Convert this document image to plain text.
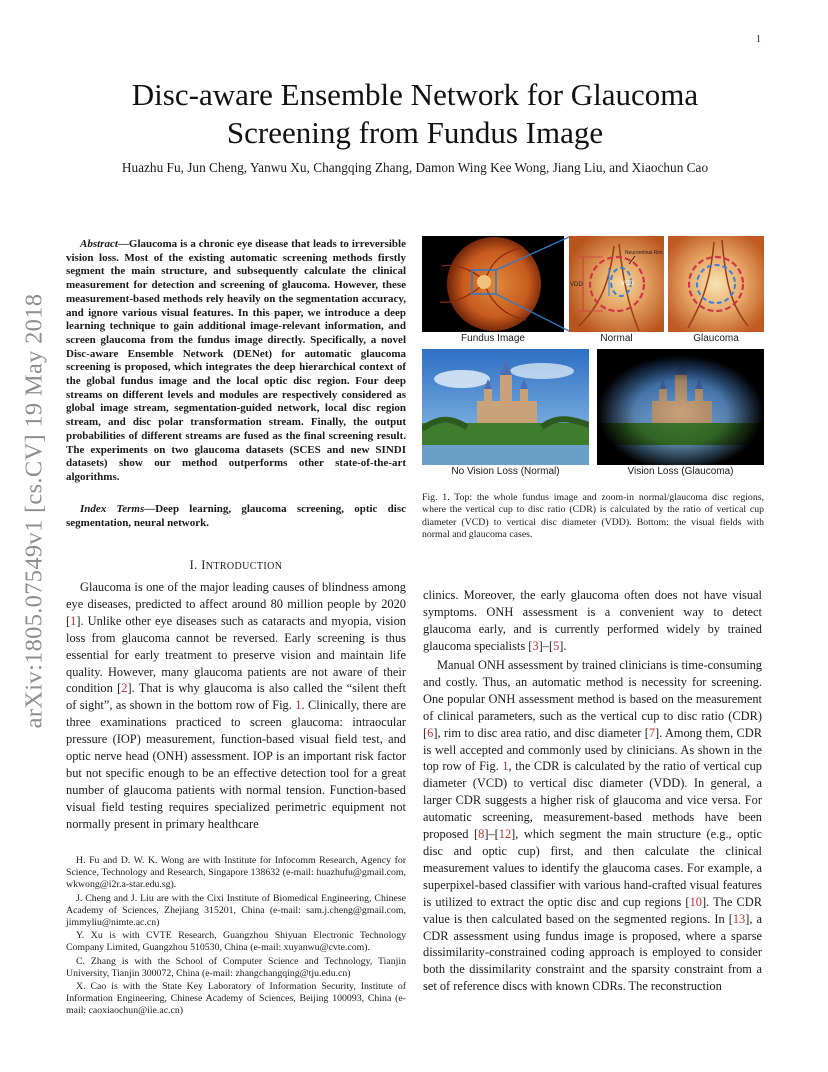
1
arXiv:1805.07549v1 [cs.CV] 19 May 2018
Disc-aware Ensemble Network for Glaucoma Screening from Fundus Image
Huazhu Fu, Jun Cheng, Yanwu Xu, Changqing Zhang, Damon Wing Kee Wong, Jiang Liu, and Xiaochun Cao
Abstract—Glaucoma is a chronic eye disease that leads to irreversible vision loss. Most of the existing automatic screening methods firstly segment the main structure, and subsequently calculate the clinical measurement for detection and screening of glaucoma. However, these measurement-based methods rely heavily on the segmentation accuracy, and ignore various visual features. In this paper, we introduce a deep learning technique to gain additional image-relevant information, and screen glaucoma from the fundus image directly. Specifically, a novel Disc-aware Ensemble Network (DENet) for automatic glaucoma screening is proposed, which integrates the deep hierarchical context of the global fundus image and the local optic disc region. Four deep streams on different levels and modules are respectively considered as global image stream, segmentation-guided network, local disc region stream, and disc polar transformation stream. Finally, the output probabilities of different streams are fused as the final screening result. The experiments on two glaucoma datasets (SCES and new SINDI datasets) show our method outperforms other state-of-the-art algorithms.
Index Terms—Deep learning, glaucoma screening, optic disc segmentation, neural network.
I. INTRODUCTION

Glaucoma is one of the major leading causes of blindness among eye diseases, predicted to affect around 80 million people by 2020 [1]. Unlike other eye diseases such as cataracts and myopia, vision loss from glaucoma cannot be reversed. Early screening is thus essential for early treatment to preserve vision and maintain life quality. However, many glaucoma patients are not aware of their condition [2]. That is why glaucoma is also called the “silent theft of sight”, as shown in the bottom row of Fig. 1. Clinically, there are three examinations practiced to screen glaucoma: intraocular pressure (IOP) measurement, function-based visual field test, and optic nerve head (ONH) assessment. IOP is an important risk factor but not specific enough to be an effective detection tool for a great number of glaucoma patients with normal tension. Function-based visual field testing requires specialized perimetric equipment not normally present in primary healthcare

H. Fu and D. W. K. Wong are with Institute for Infocomm Research, Agency for Science, Technology and Research, Singapore 138632 (e-mail: huazhufu@gmail.com, wkwong@i2r.a-star.edu.sg).

J. Cheng and J. Liu are with the Cixi Institute of Biomedical Engineering, Chinese Academy of Sciences, Zhejiang 315201, China (e-mail: sam.j.cheng@gmail.com, jimmyliu@nimte.ac.cn)

Y. Xu is with CVTE Research, Guangzhou Shiyuan Electronic Technology Company Limited, Guangzhou 510530, China (e-mail: xuyanwu@cvte.com).

C. Zhang is with the School of Computer Science and Technology, Tianjin University, Tianjin 300072, China (e-mail: zhangchangqing@tju.edu.cn)

X. Cao is with the State Key Laboratory of Information Security, Institute of Information Engineering, Chinese Academy of Sciences, Beijing 100093, China (e-mail: caoxiaochun@iie.ac.cn)

VDD	VCD
Neuroretinal Rim
Fundus Image	Normal	Glaucoma
No Vision Loss (Normal)	Vision Loss (Glaucoma)
Fig. 1. Top: the whole fundus image and zoom-in normal/glaucoma disc regions, where the vertical cup to disc ratio (CDR) is calculated by the ratio of vertical cup diameter (VCD) to vertical disc diameter (VDD). Bottom: the visual fields with normal and glaucoma cases.

clinics. Moreover, the early glaucoma often does not have visual symptoms. ONH assessment is a convenient way to detect glaucoma early, and is currently performed widely by trained glaucoma specialists [3]–[5].

Manual ONH assessment by trained clinicians is time-consuming and costly. Thus, an automatic method is necessity for screening. One popular ONH assessment method is based on the measurement of clinical parameters, such as the vertical cup to disc ratio (CDR) [6], rim to disc area ratio, and disc diameter [7]. Among them, CDR is well accepted and commonly used by clinicians. As shown in the top row of Fig. 1, the CDR is calculated by the ratio of vertical cup diameter (VCD) to vertical disc diameter (VDD). In general, a larger CDR suggests a higher risk of glaucoma and vice versa. For automatic screening, measurement-based methods have been proposed [8]–[12], which segment the main structure (e.g., optic disc and optic cup) first, and then calculate the clinical measurement values to identify the glaucoma cases. For example, a superpixel-based classifier with various hand-crafted visual features is utilized to extract the optic disc and cup regions [10]. The CDR value is then calculated based on the segmented regions. In [13], a CDR assessment using fundus image is proposed, where a sparse dissimilarity-constrained coding approach is employed to consider both the dissimilarity constraint and the sparsity constraint from a set of reference discs with known CDRs. The reconstruction
